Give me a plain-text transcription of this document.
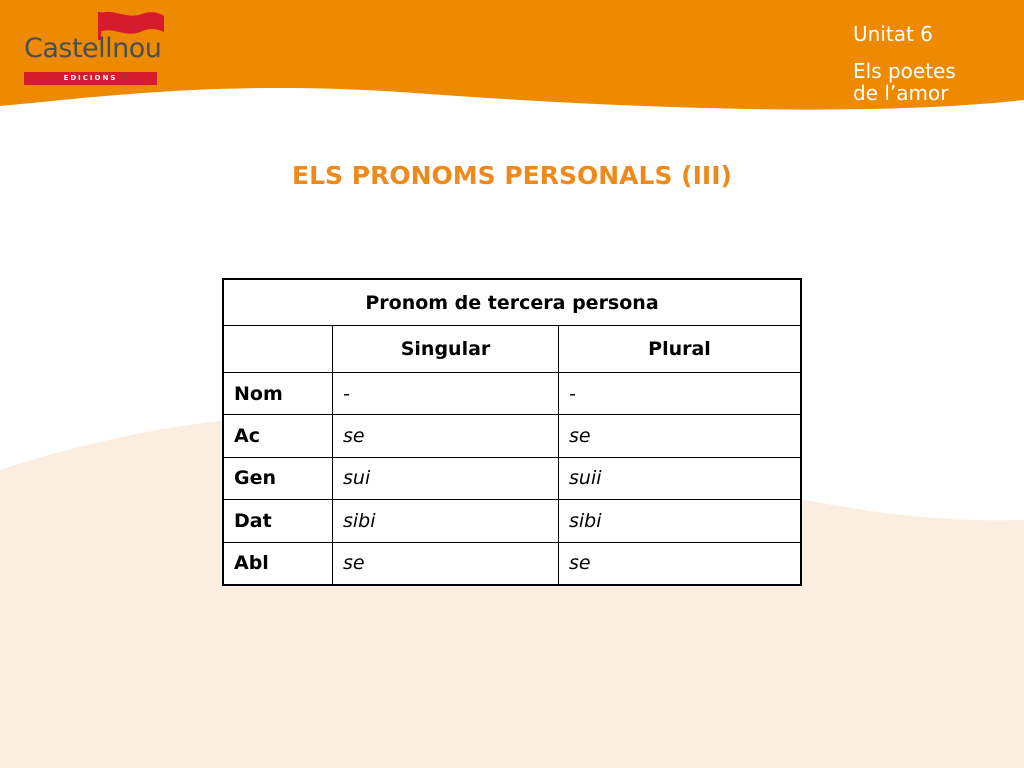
Castellnou
EDICIONS
Unitat 6
Els poetes
de l’amor
ELS PRONOMS PERSONALS (III)
Pronom de tercera persona		
	Singular	Plural
Nom	-	-
Ac	se	se
Gen	sui	suii
Dat	sibi	sibi
Abl	se	se
